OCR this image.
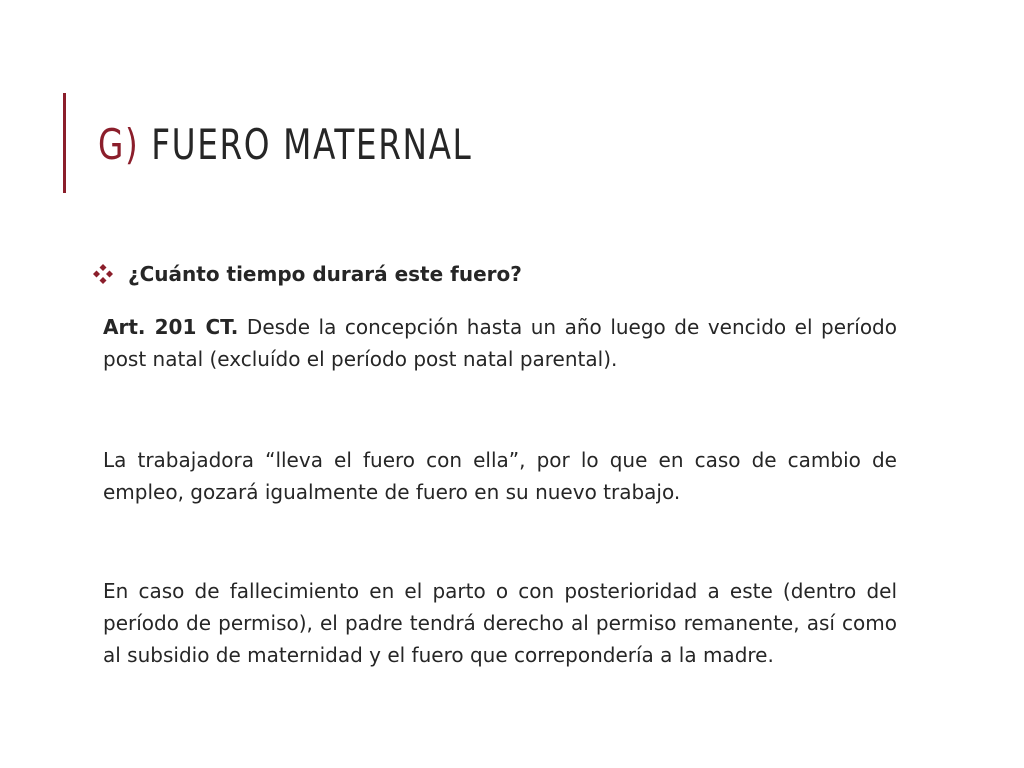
G) FUERO MATERNAL
¿Cuánto tiempo durará este fuero?

Art. 201 CT. Desde la concepción hasta un año luego de vencido el período post natal (excluído el período post natal parental).

La trabajadora “lleva el fuero con ella”, por lo que en caso de cambio de empleo, gozará igualmente de fuero en su nuevo trabajo.

En caso de fallecimiento en el parto o con posterioridad a este (dentro del período de permiso), el padre tendrá derecho al permiso remanente, así como al subsidio de maternidad y el fuero que correpondería a la madre.
